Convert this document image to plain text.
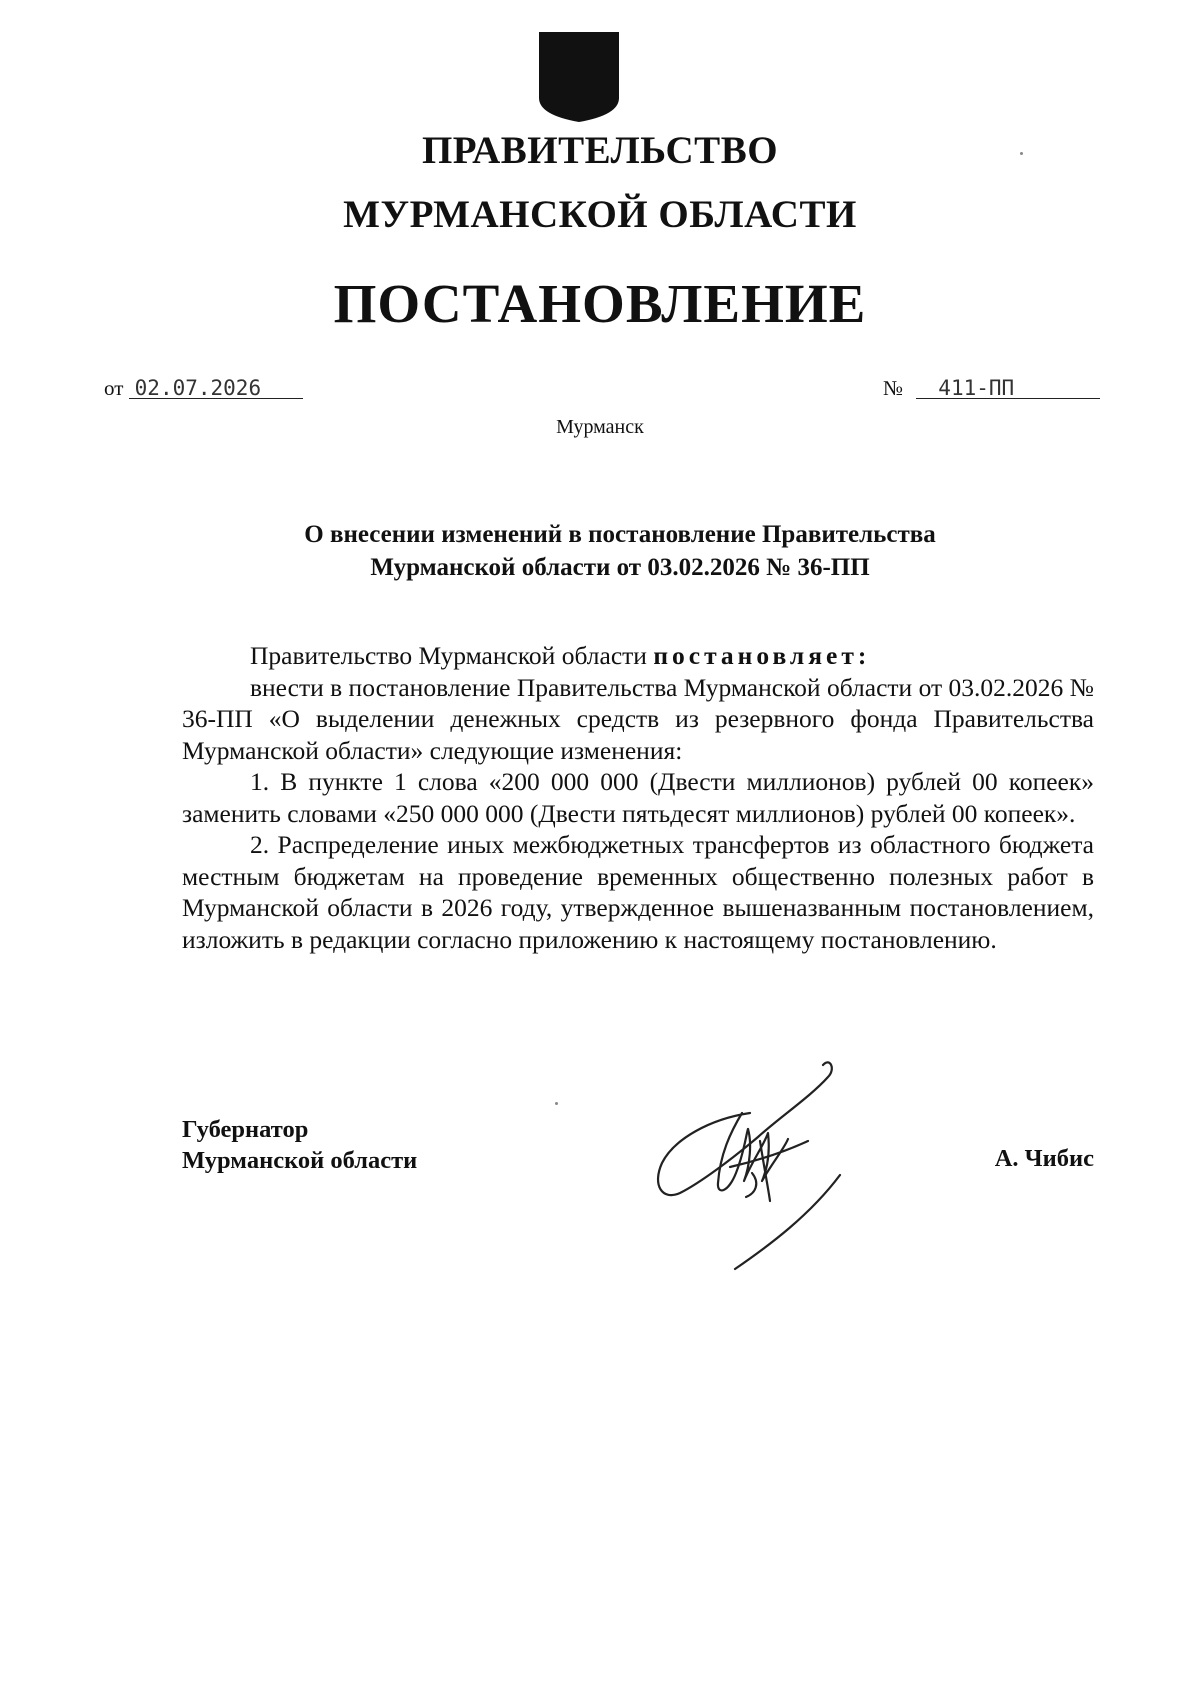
ПРАВИТЕЛЬСТВО
МУРМАНСКОЙ ОБЛАСТИ
ПОСТАНОВЛЕНИЕ
от 02.07.2026	№ 411-ПП
Мурманск
О внесении изменений в постановление Правительства
Мурманской области от 03.02.2026 № 36-ПП

Правительство Мурманской области постановляет:

внести в постановление Правительства Мурманской области от 03.02.2026 № 36-ПП «О выделении денежных средств из резервного фонда Правительства Мурманской области» следующие изменения:

1. В пункте 1 слова «200 000 000 (Двести миллионов) рублей 00 копеек» заменить словами «250 000 000 (Двести пятьдесят миллионов) рублей 00 копеек».

2. Распределение иных межбюджетных трансфертов из областного бюджета местным бюджетам на проведение временных общественно полезных работ в Мурманской области в 2026 году, утвержденное вышеназванным постановлением, изложить в редакции согласно приложению к настоящему постановлению.

Губернатор
Мурманской области	А. Чибис
